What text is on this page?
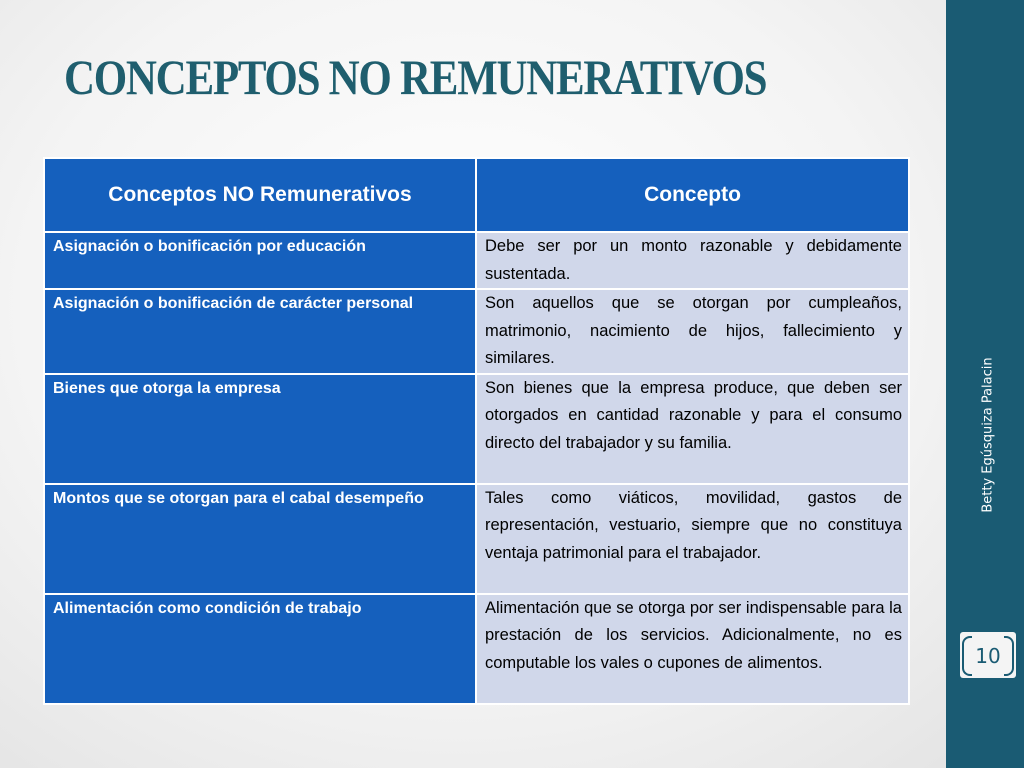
CONCEPTOS NO REMUNERATIVOS
Conceptos NO Remunerativos	Concepto
Asignación o bonificación por educación	Debe ser por un monto razonable y debidamente sustentada.
Asignación o bonificación de carácter personal	Son aquellos que se otorgan por cumpleaños, matrimonio, nacimiento de hijos, fallecimiento y similares.
Bienes que otorga la empresa	Son bienes que la empresa produce, que deben ser otorgados en cantidad razonable y para el consumo directo del trabajador y su familia.
Montos que se otorgan para el cabal desempeño	Tales como viáticos, movilidad, gastos de representación, vestuario, siempre que no constituya ventaja patrimonial para el trabajador.
Alimentación como condición de trabajo	Alimentación que se otorga por ser indispensable para la prestación de los servicios. Adicionalmente, no es computable los vales o cupones de alimentos.
Betty Egúsquiza Palacin
10
